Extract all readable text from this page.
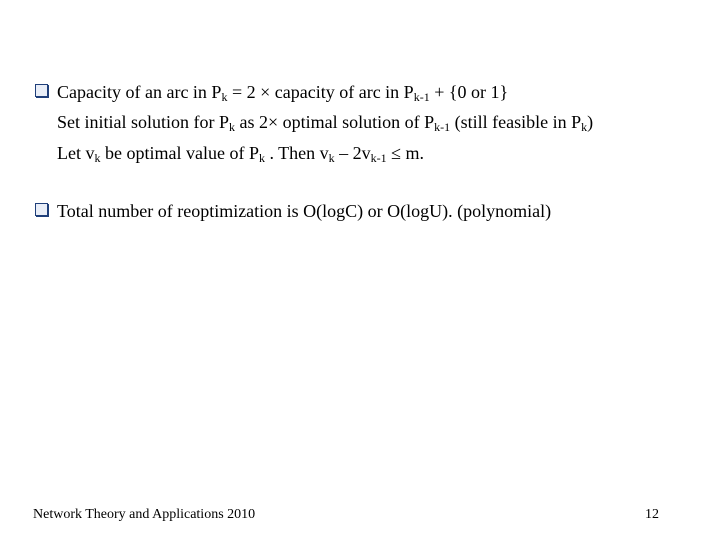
Capacity of an arc in $P_k = 2$ × capacity of arc in $P_{k-1} + \{0$ or 1}
Set initial solution for $P_k$ as 2× optimal solution of $P_{k-1}$ (still feasible in $P_k$)
Let $v_k$ be optimal value of $P_k$ . Then $v_k - 2v_{k-1} \le m$.
Total number of reoptimization is O(logC) or O(logU). (polynomial)
Network Theory and Applications 2010	12
